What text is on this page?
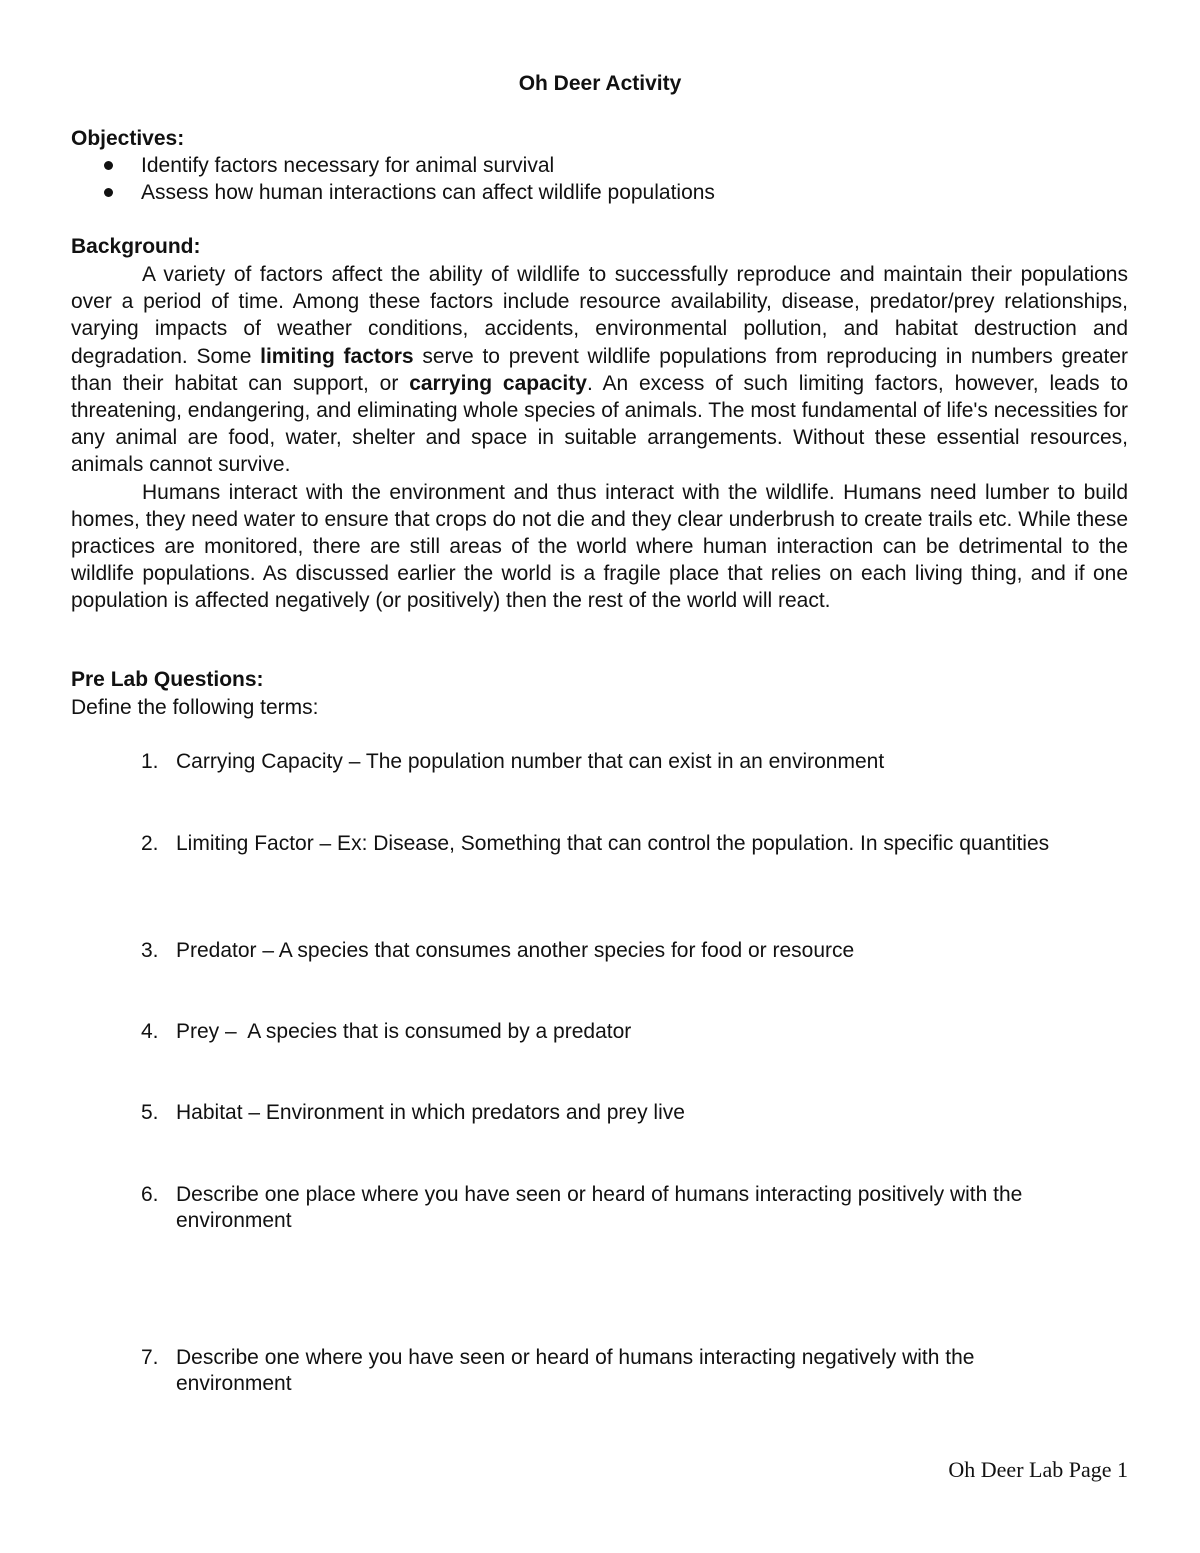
Oh Deer Activity
Objectives:
Identify factors necessary for animal survival
Assess how human interactions can affect wildlife populations
Background:

A variety of factors affect the ability of wildlife to successfully reproduce and maintain their populations over a period of time. Among these factors include resource availability, disease, predator/prey relationships, varying impacts of weather conditions, accidents, environmental pollution, and habitat destruction and degradation. Some limiting factors serve to prevent wildlife populations from reproducing in numbers greater than their habitat can support, or carrying capacity. An excess of such limiting factors, however, leads to threatening, endangering, and eliminating whole species of animals. The most fundamental of life's necessities for any animal are food, water, shelter and space in suitable arrangements. Without these essential resources, animals cannot survive.

Humans interact with the environment and thus interact with the wildlife. Humans need lumber to build homes, they need water to ensure that crops do not die and they clear underbrush to create trails etc. While these practices are monitored, there are still areas of the world where human interaction can be detrimental to the wildlife populations. As discussed earlier the world is a fragile place that relies on each living thing, and if one population is affected negatively (or positively) then the rest of the world will react.

Pre Lab Questions:
Define the following terms:
1. Carrying Capacity – The population number that can exist in an environment
2. Limiting Factor – Ex: Disease, Something that can control the population. In specific quantities
3. Predator – A species that consumes another species for food or resource
4. Prey –  A species that is consumed by a predator
5. Habitat – Environment in which predators and prey live
6. Describe one place where you have seen or heard of humans interacting positively with the environment
7. Describe one where you have seen or heard of humans interacting negatively with the environment
Oh Deer Lab Page 1
